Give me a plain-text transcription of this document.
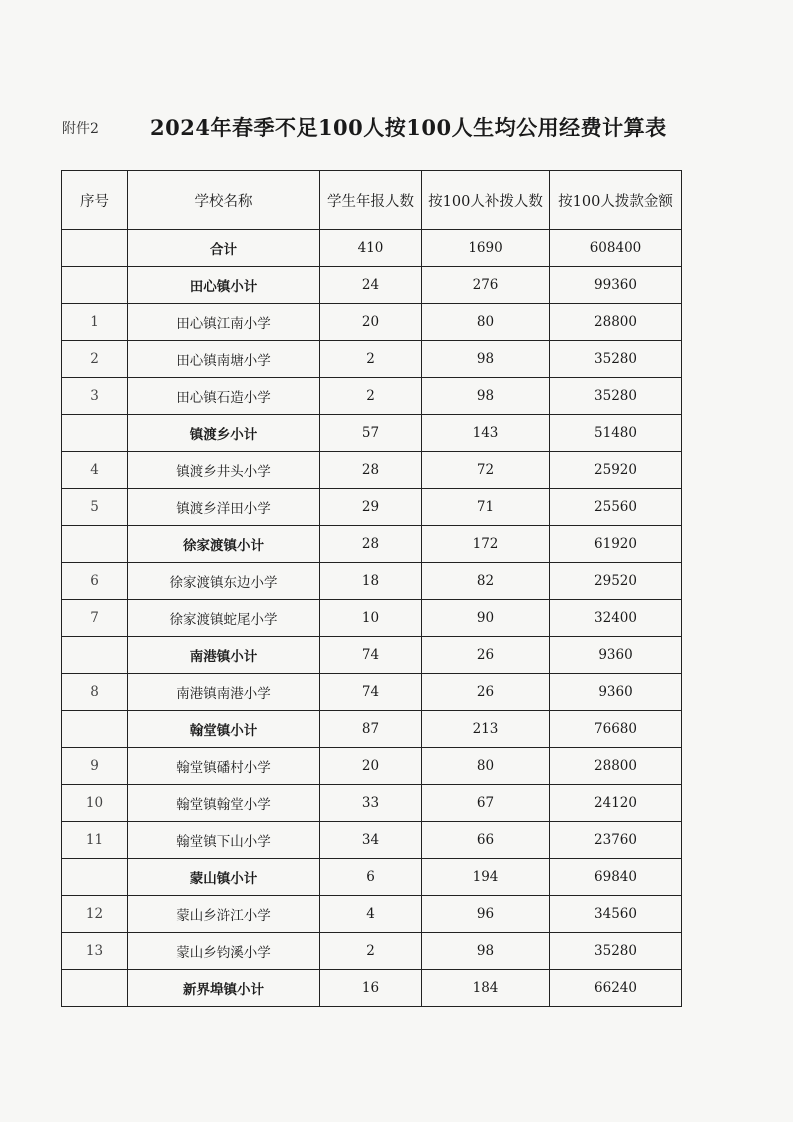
附件2 2024年春季不足100人按100人生均公用经费计算表
序号	学校名称	学生年报人数	按100人补拨人数	按100人拨款金额
	合计	410	1690	608400
	田心镇小计	24	276	99360
1	田心镇江南小学	20	80	28800
2	田心镇南塘小学	2	98	35280
3	田心镇石造小学	2	98	35280
	镇渡乡小计	57	143	51480
4	镇渡乡井头小学	28	72	25920
5	镇渡乡洋田小学	29	71	25560
	徐家渡镇小计	28	172	61920
6	徐家渡镇东边小学	18	82	29520
7	徐家渡镇蛇尾小学	10	90	32400
	南港镇小计	74	26	9360
8	南港镇南港小学	74	26	9360
	翰堂镇小计	87	213	76680
9	翰堂镇磻村小学	20	80	28800
10	翰堂镇翰堂小学	33	67	24120
11	翰堂镇下山小学	34	66	23760
	蒙山镇小计	6	194	69840
12	蒙山乡浒江小学	4	96	34560
13	蒙山乡钧溪小学	2	98	35280
	新界埠镇小计	16	184	66240
